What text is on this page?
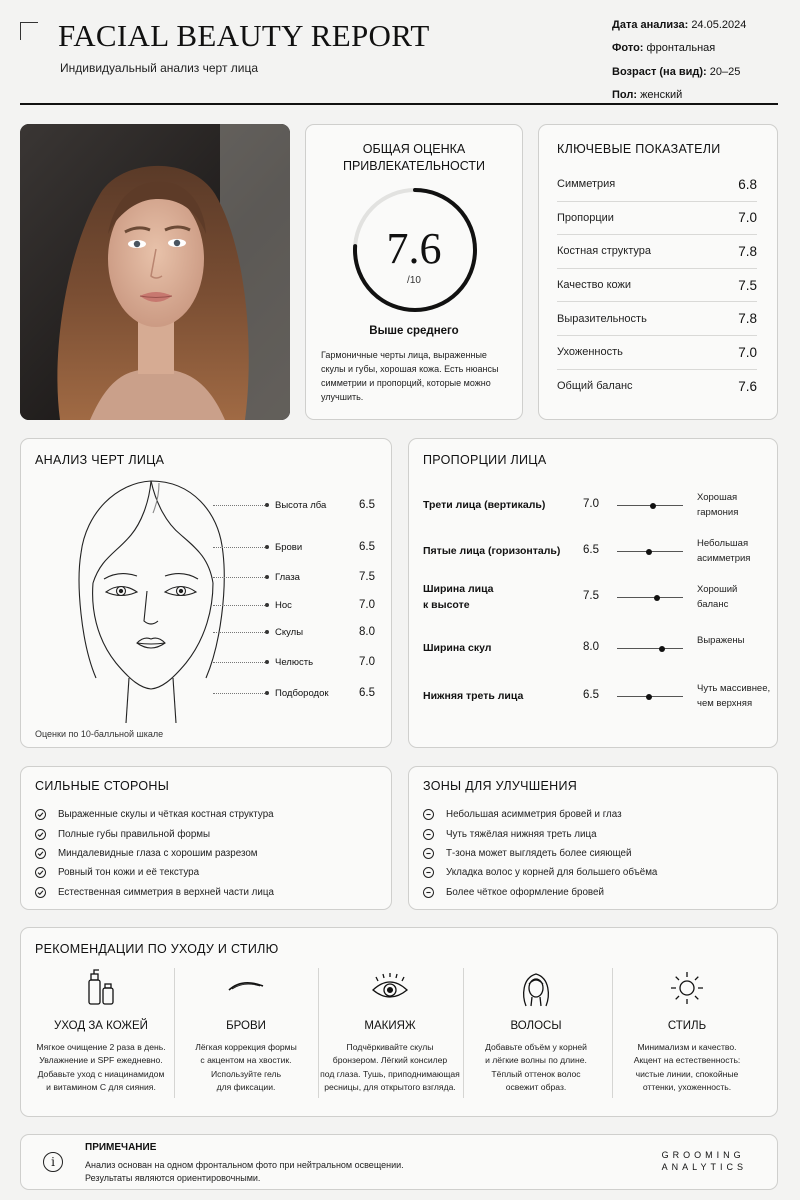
FACIAL BEAUTY REPORT
Индивидуальный анализ черт лица
Дата анализа: 24.05.2024
Фото: фронтальная
Возраст (на вид): 20–25
Пол: женский
ОБЩАЯ ОЦЕНКА
ПРИВЛЕКАТЕЛЬНОСТИ
7.6
/10
Выше среднего
Гармоничные черты лица, выраженные скулы и губы, хорошая кожа. Есть нюансы симметрии и пропорций, которые можно улучшить.
КЛЮЧЕВЫЕ ПОКАЗАТЕЛИ
Симметрия	6.8
Пропорции	7.0
Костная структура	7.8
Качество кожи	7.5
Выразительность	7.8
Ухоженность	7.0
Общий баланс	7.6
АНАЛИЗ ЧЕРТ ЛИЦА
Высота лба	6.5
Брови	6.5
Глаза	7.5
Нос	7.0
Скулы	8.0
Челюсть	7.0
Подбородок	6.5
Оценки по 10-балльной шкале
ПРОПОРЦИИ ЛИЦА
Трети лица (вертикаль)	7.0
Хорошая
гармония
Пятые лица (горизонталь) 6.5
Небольшая
асимметрия
Ширина лица
к высоте
7.5
Хороший
баланс
Ширина скул	8.0
Выражены
Нижняя треть лица	6.5
Чуть массивнее,
чем верхняя
СИЛЬНЫЕ СТОРОНЫ
Выраженные скулы и чёткая костная структура
Полные губы правильной формы
Миндалевидные глаза с хорошим разрезом
Ровный тон кожи и её текстура
Естественная симметрия в верхней части лица
ЗОНЫ ДЛЯ УЛУЧШЕНИЯ
Небольшая асимметрия бровей и глаз
Чуть тяжёлая нижняя треть лица
Т-зона может выглядеть более сияющей
Укладка волос у корней для большего объёма
Более чёткое оформление бровей
РЕКОМЕНДАЦИИ ПО УХОДУ И СТИЛЮ
УХОД ЗА КОЖЕЙ
Мягкое очищение 2 раза в день.
Увлажнение и SPF ежедневно.
Добавьте уход с ниацинамидом
и витамином С для сияния.
БРОВИ
Лёгкая коррекция формы
с акцентом на хвостик.
Используйте гель
для фиксации.
МАКИЯЖ
Подчёркивайте скулы
бронзером. Лёгкий консилер
под глаза. Тушь, приподнимающая
ресницы, для открытого взгляда.
ВОЛОСЫ
Добавьте объём у корней
и лёгкие волны по длине.
Тёплый оттенок волос
освежит образ.
СТИЛЬ
Минимализм и качество.
Акцент на естественность:
чистые линии, спокойные
оттенки, ухоженность.
i
ПРИМЕЧАНИЕ
Анализ основан на одном фронтальном фото при нейтральном освещении.
Результаты являются ориентировочными.
GROOMING
ANALYTICS
